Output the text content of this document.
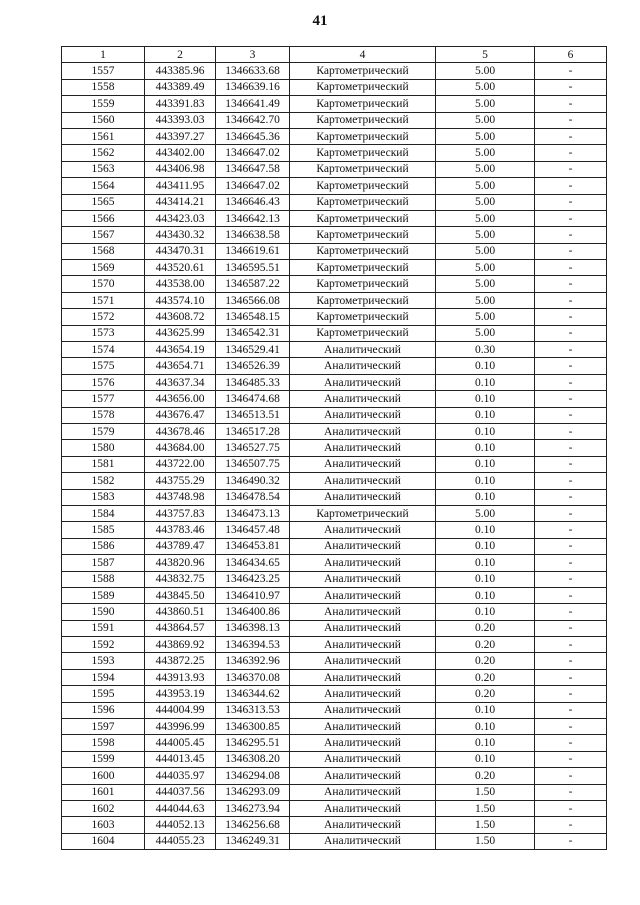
41
1	2	3	4	5	6
1557	443385.96	1346633.68	Картометрический	5.00	-
1558	443389.49	1346639.16	Картометрический	5.00	-
1559	443391.83	1346641.49	Картометрический	5.00	-
1560	443393.03	1346642.70	Картометрический	5.00	-
1561	443397.27	1346645.36	Картометрический	5.00	-
1562	443402.00	1346647.02	Картометрический	5.00	-
1563	443406.98	1346647.58	Картометрический	5.00	-
1564	443411.95	1346647.02	Картометрический	5.00	-
1565	443414.21	1346646.43	Картометрический	5.00	-
1566	443423.03	1346642.13	Картометрический	5.00	-
1567	443430.32	1346638.58	Картометрический	5.00	-
1568	443470.31	1346619.61	Картометрический	5.00	-
1569	443520.61	1346595.51	Картометрический	5.00	-
1570	443538.00	1346587.22	Картометрический	5.00	-
1571	443574.10	1346566.08	Картометрический	5.00	-
1572	443608.72	1346548.15	Картометрический	5.00	-
1573	443625.99	1346542.31	Картометрический	5.00	-
1574	443654.19	1346529.41	Аналитический	0.30	-
1575	443654.71	1346526.39	Аналитический	0.10	-
1576	443637.34	1346485.33	Аналитический	0.10	-
1577	443656.00	1346474.68	Аналитический	0.10	-
1578	443676.47	1346513.51	Аналитический	0.10	-
1579	443678.46	1346517.28	Аналитический	0.10	-
1580	443684.00	1346527.75	Аналитический	0.10	-
1581	443722.00	1346507.75	Аналитический	0.10	-
1582	443755.29	1346490.32	Аналитический	0.10	-
1583	443748.98	1346478.54	Аналитический	0.10	-
1584	443757.83	1346473.13	Картометрический	5.00	-
1585	443783.46	1346457.48	Аналитический	0.10	-
1586	443789.47	1346453.81	Аналитический	0.10	-
1587	443820.96	1346434.65	Аналитический	0.10	-
1588	443832.75	1346423.25	Аналитический	0.10	-
1589	443845.50	1346410.97	Аналитический	0.10	-
1590	443860.51	1346400.86	Аналитический	0.10	-
1591	443864.57	1346398.13	Аналитический	0.20	-
1592	443869.92	1346394.53	Аналитический	0.20	-
1593	443872.25	1346392.96	Аналитический	0.20	-
1594	443913.93	1346370.08	Аналитический	0.20	-
1595	443953.19	1346344.62	Аналитический	0.20	-
1596	444004.99	1346313.53	Аналитический	0.10	-
1597	443996.99	1346300.85	Аналитический	0.10	-
1598	444005.45	1346295.51	Аналитический	0.10	-
1599	444013.45	1346308.20	Аналитический	0.10	-
1600	444035.97	1346294.08	Аналитический	0.20	-
1601	444037.56	1346293.09	Аналитический	1.50	-
1602	444044.63	1346273.94	Аналитический	1.50	-
1603	444052.13	1346256.68	Аналитический	1.50	-
1604	444055.23	1346249.31	Аналитический	1.50	-
